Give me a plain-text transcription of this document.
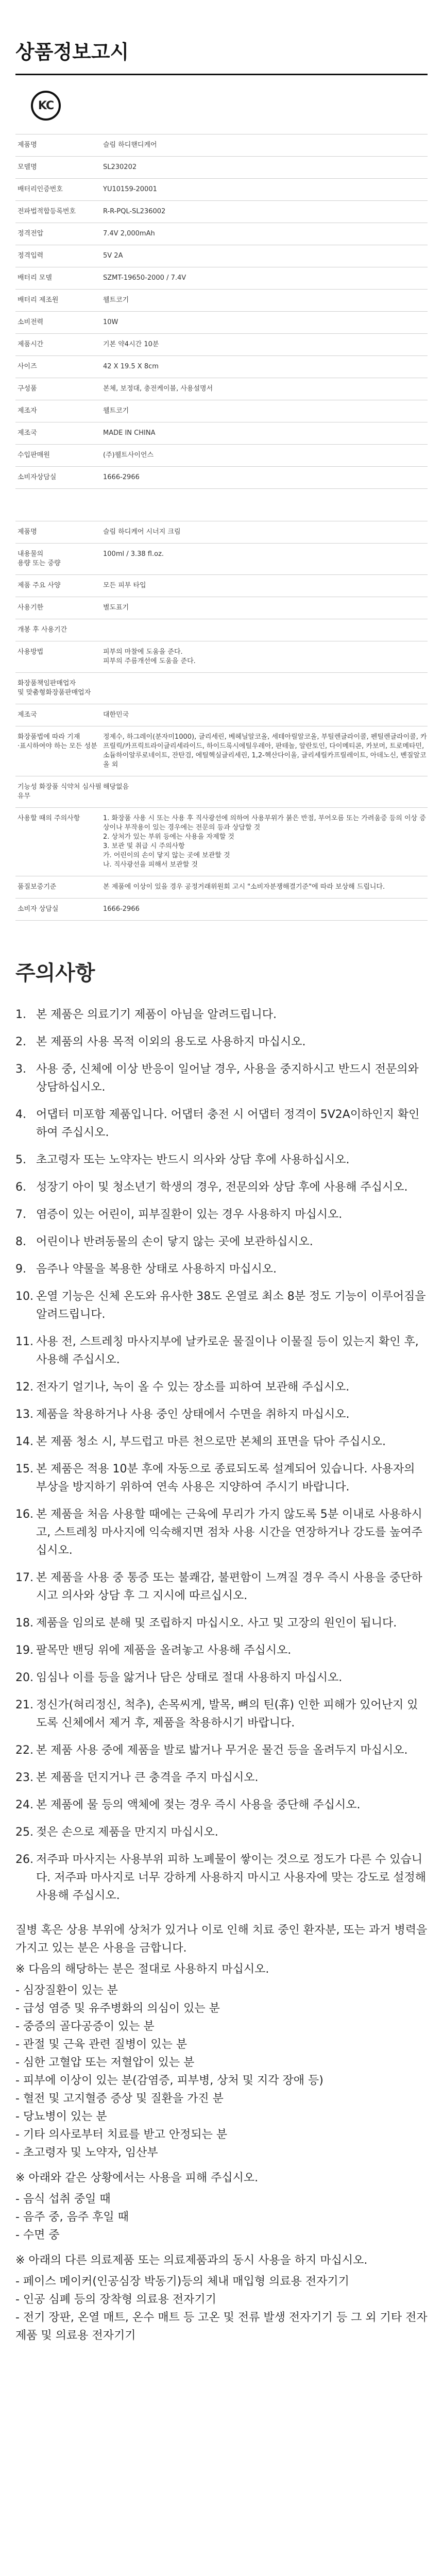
상품정보고시
KC
제품명	슬림 하디핸디케어
모델명	SL230202
배터리인증번호	YU10159-20001
전파법적합등록번호	R-R-PQL-SL236002
정격전압	7.4V 2,000mAh
정격입력	5V 2A
배터리 모델	SZMT-19650-2000 / 7.4V
배터리 제조원	웰트코기
소비전력	10W
제품시간	기본 약4시간 10분
사이즈	42 X 19.5 X 8cm
구성품	본체, 보정대, 충전케이블, 사용설명서
제조자	웰트코기
제조국	MADE IN CHINA
수입판매원	(주)웰트사이언스
소비자상담실	1666-2966
제품명	슬림 하디케어 시너지 크림
내용물의
용량 또는 중량	100ml / 3.38 fl.oz.
제품 주요 사양	모든 피부 타입
사용기한	별도표기
개봉 후 사용기간	
사용방법	피부의 마찰에 도움을 준다.
피부의 주름개선에 도움을 준다.
화장품책임판매업자
및 맞춤형화장품판매업자	
제조국	대한민국
화장품법에 따라 기재
·표시하여야 하는 모든 성분	정제수, 하그레이(분자미1000), 글리세린, 베헤닐알코올, 세테아릴알코올, 부틸렌글라이콜, 펜틸렌글라이콜, 카프릴릭/카프릭트라이글리세라이드, 하이드록시에틸우레아, 판테놀, 알란토인, 다이메티콘, 카보머, 트로메타민, 소듐하이알루로네이트, 잔탄검, 에틸헥실글리세린, 1,2-헥산다이올, 글리세릴카프릴레이트, 아데노신, 벤질알코올 외
기능성 화장품 식약처 심사필 유무	해당없음
사용할 때의 주의사항	1. 화장품 사용 시 또는 사용 후 직사광선에 의하여 사용부위가 붉은 반점, 부어오름 또는 가려움증 등의 이상 증상이나 부작용이 있는 경우에는 전문의 등과 상담할 것
2. 상처가 있는 부위 등에는 사용을 자제할 것
3. 보관 및 취급 시 주의사항
가. 어린이의 손이 닿지 않는 곳에 보관할 것
나. 직사광선을 피해서 보관할 것
품질보증기준	본 제품에 이상이 있을 경우 공정거래위원회 고시 "소비자분쟁해결기준"에 따라 보상해 드립니다.
소비자 상담실	1666-2966
주의사항
1. 본 제품은 의료기기 제품이 아님을 알려드립니다.
2. 본 제품의 사용 목적 이외의 용도로 사용하지 마십시오.
3. 사용 중, 신체에 이상 반응이 일어날 경우, 사용을 중지하시고 반드시 전문의와 상담하십시오.
4. 어댑터 미포함 제품입니다. 어댑터 충전 시 어댑터 정격이 5V2A이하인지 확인하여 주십시오.
5. 초고령자 또는 노약자는 반드시 의사와 상담 후에 사용하십시오.
6. 성장기 아이 및 청소년기 학생의 경우, 전문의와 상담 후에 사용해 주십시오.
7. 염증이 있는 어린이, 피부질환이 있는 경우 사용하지 마십시오.
8. 어린이나 반려동물의 손이 닿지 않는 곳에 보관하십시오.
9. 음주나 약물을 복용한 상태로 사용하지 마십시오.
10. 온열 기능은 신체 온도와 유사한 38도 온열로 최소 8분 정도 기능이 이루어짐을 알려드립니다.
11. 사용 전, 스트레칭 마사지부에 날카로운 물질이나 이물질 등이 있는지 확인 후, 사용해 주십시오.
12. 전자기 얼기나, 녹이 올 수 있는 장소를 피하여 보관해 주십시오.
13. 제품을 착용하거나 사용 중인 상태에서 수면을 취하지 마십시오.
14. 본 제품 청소 시, 부드럽고 마른 천으로만 본체의 표면을 닦아 주십시오.
15. 본 제품은 적용 10분 후에 자동으로 종료되도록 설계되어 있습니다. 사용자의 부상을 방지하기 위하여 연속 사용은 지양하여 주시기 바랍니다.
16. 본 제품을 처음 사용할 때에는 근육에 무리가 가지 않도록 5분 이내로 사용하시고, 스트레칭 마사지에 익숙해지면 점차 사용 시간을 연장하거나 강도를 높여주십시오.
17. 본 제품을 사용 중 통증 또는 불쾌감, 불편함이 느껴질 경우 즉시 사용을 중단하시고 의사와 상담 후 그 지시에 따르십시오.
18. 제품을 임의로 분해 및 조립하지 마십시오. 사고 및 고장의 원인이 됩니다.
19. 팔목만 밴딩 위에 제품을 올려놓고 사용해 주십시오.
20. 임심나 이를 등을 앓거나 담은 상태로 절대 사용하지 마십시오.
21. 정신가(혀리정신, 척추), 손목씨게, 발목, 뼈의 틴(휴) 인한 피해가 있어난지 있도록 신체에서 제거 후, 제품을 착용하시기 바랍니다.
22. 본 제품 사용 중에 제품을 발로 밟거나 무거운 물건 등을 올려두지 마십시오.
23. 본 제품을 던지거나 큰 충격을 주지 마십시오.
24. 본 제품에 물 등의 액체에 젖는 경우 즉시 사용을 중단해 주십시오.
25. 젖은 손으로 제품을 만지지 마십시오.
26. 저주파 마사지는 사용부위 피하 노폐물이 쌓이는 것으로 정도가 다른 수 있습니다. 저주파 마사지로 너무 강하게 사용하지 마시고 사용자에 맞는 강도로 설정해 사용해 주십시오.

질병 혹은 상용 부위에 상처가 있거나 이로 인해 치료 중인 환자분, 또는 과거 병력을 가지고 있는 분은 사용을 금합니다.

※ 다음의 해당하는 분은 절대로 사용하지 마십시오.

- 심장질환이 있는 분
- 급성 염증 및 유주병화의 의심이 있는 분
- 중증의 골다공증이 있는 분
- 관절 및 근육 관련 질병이 있는 분
- 심한 고혈압 또는 저혈압이 있는 분
- 피부에 이상이 있는 분(감염증, 피부병, 상처 및 지각 장애 등)
- 혈전 및 고지혈증 증상 및 질환을 가진 분
- 당뇨병이 있는 분
- 기타 의사로부터 치료를 받고 안정되는 분
- 초고령자 및 노약자, 임산부

※ 아래와 같은 상황에서는 사용을 피해 주십시오.

- 음식 섭취 중일 때
- 음주 중, 음주 후일 때
- 수면 중

※ 아래의 다른 의료제품 또는 의료제품과의 동시 사용을 하지 마십시오.

- 페이스 메이커(인공심장 박동기)등의 체내 매입형 의료용 전자기기
- 인공 심폐 등의 장착형 의료용 전자기기
- 전기 장판, 온열 매트, 온수 매트 등 고온 및 전류 발생 전자기기 등 그 외 기타 전자제품 및 의료용 전자기기
